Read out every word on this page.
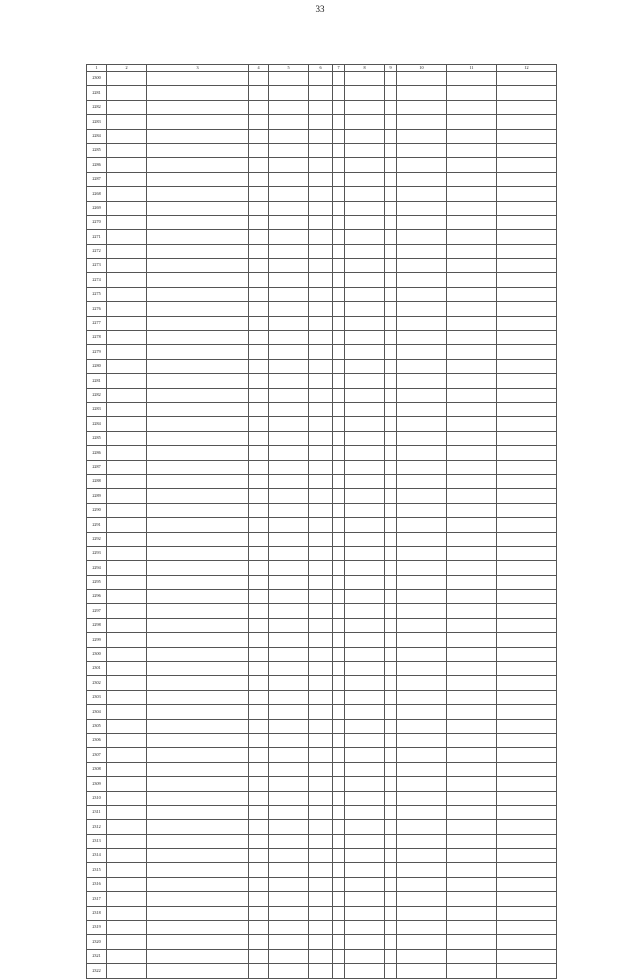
33
1	2	3	4	5	6	7	8	9	10	11	12
2300											
2281											
2282											
2283											
2284											
2285											
2286											
2287											
2268											
2269											
2270											
2271											
2272											
2273											
2274											
2275											
2276											
2277											
2278											
2279											
2280											
2281											
2282											
2283											
2284											
2285											
2286											
2287											
2288											
2289											
2290											
2291											
2292											
2293											
2294											
2295											
2296											
2297											
2298											
2299											
2300											
2301											
2302											
2303											
2304											
2305											
2306											
2307											
2308											
2309											
2310											
2311											
2312											
2313											
2314											
2315											
2316											
2317											
2318											
2319											
2320											
2321											
2322											
